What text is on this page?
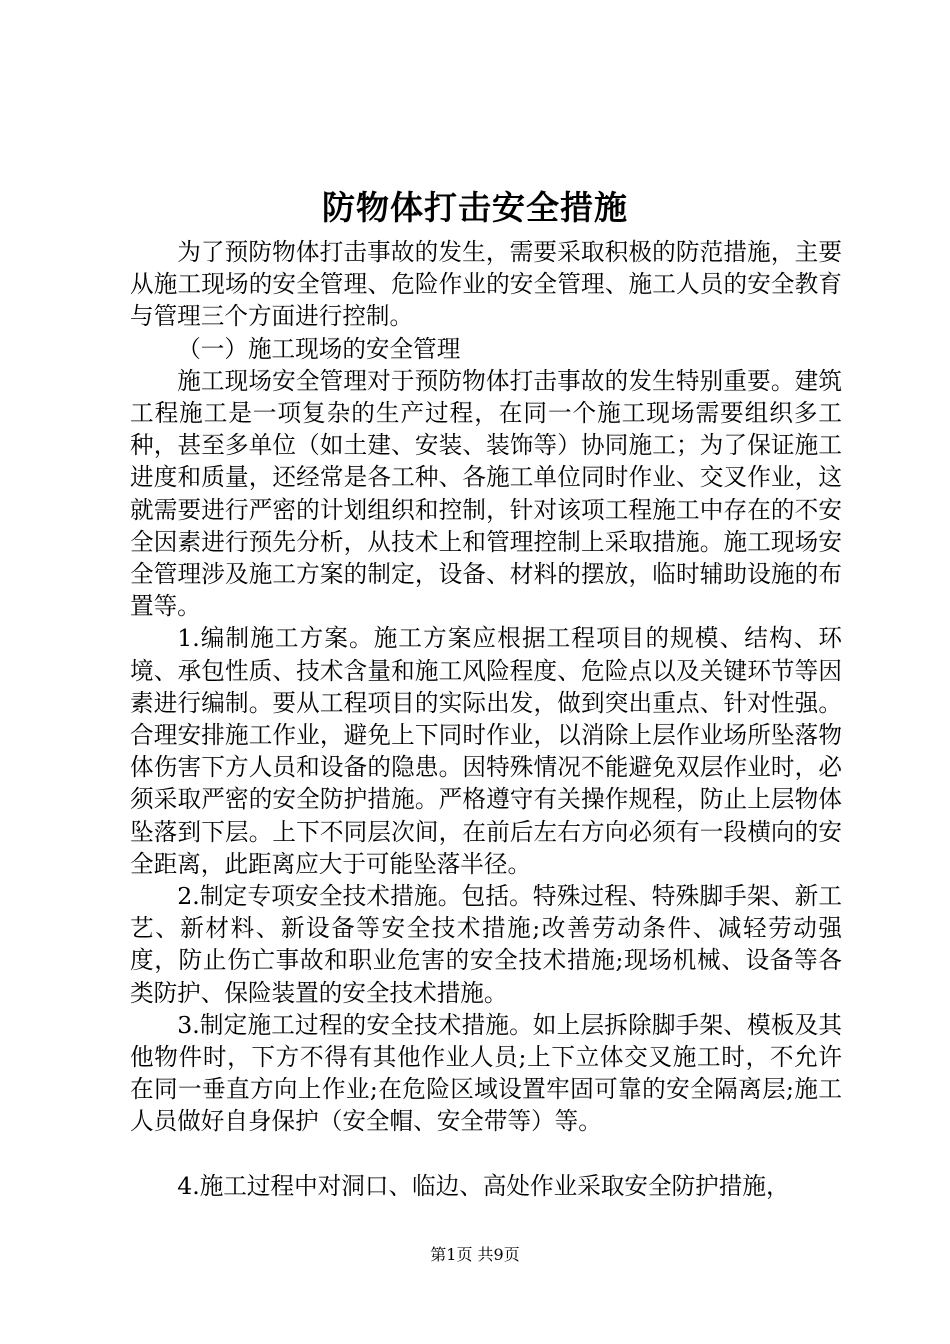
防物体打击安全措施

为了预防物体打击事故的发生，需要采取积极的防范措施，主要从施工现场的安全管理、危险作业的安全管理、施工人员的安全教育与管理三个方面进行控制。

（一）施工现场的安全管理

施工现场安全管理对于预防物体打击事故的发生特别重要。建筑工程施工是一项复杂的生产过程，在同一个施工现场需要组织多工种，甚至多单位（如土建、安装、装饰等）协同施工；为了保证施工进度和质量，还经常是各工种、各施工单位同时作业、交叉作业，这就需要进行严密的计划组织和控制，针对该项工程施工中存在的不安全因素进行预先分析，从技术上和管理控制上采取措施。施工现场安全管理涉及施工方案的制定，设备、材料的摆放，临时辅助设施的布置等。

1.编制施工方案。施工方案应根据工程项目的规模、结构、环境、承包性质、技术含量和施工风险程度、危险点以及关键环节等因素进行编制。要从工程项目的实际出发，做到突出重点、针对性强。合理安排施工作业，避免上下同时作业，以消除上层作业场所坠落物体伤害下方人员和设备的隐患。因特殊情况不能避免双层作业时，必须采取严密的安全防护措施。严格遵守有关操作规程，防止上层物体坠落到下层。上下不同层次间，在前后左右方向必须有一段横向的安全距离，此距离应大于可能坠落半径。

2.制定专项安全技术措施。包括。特殊过程、特殊脚手架、新工艺、新材料、新设备等安全技术措施;改善劳动条件、减轻劳动强度，防止伤亡事故和职业危害的安全技术措施;现场机械、设备等各类防护、保险装置的安全技术措施。

3.制定施工过程的安全技术措施。如上层拆除脚手架、模板及其他物件时，下方不得有其他作业人员;上下立体交叉施工时，不允许在同一垂直方向上作业;在危险区域设置牢固可靠的安全隔离层;施工人员做好自身保护（安全帽、安全带等）等。

4.施工过程中对洞口、临边、高处作业采取安全防护措施，

第1页 共9页
